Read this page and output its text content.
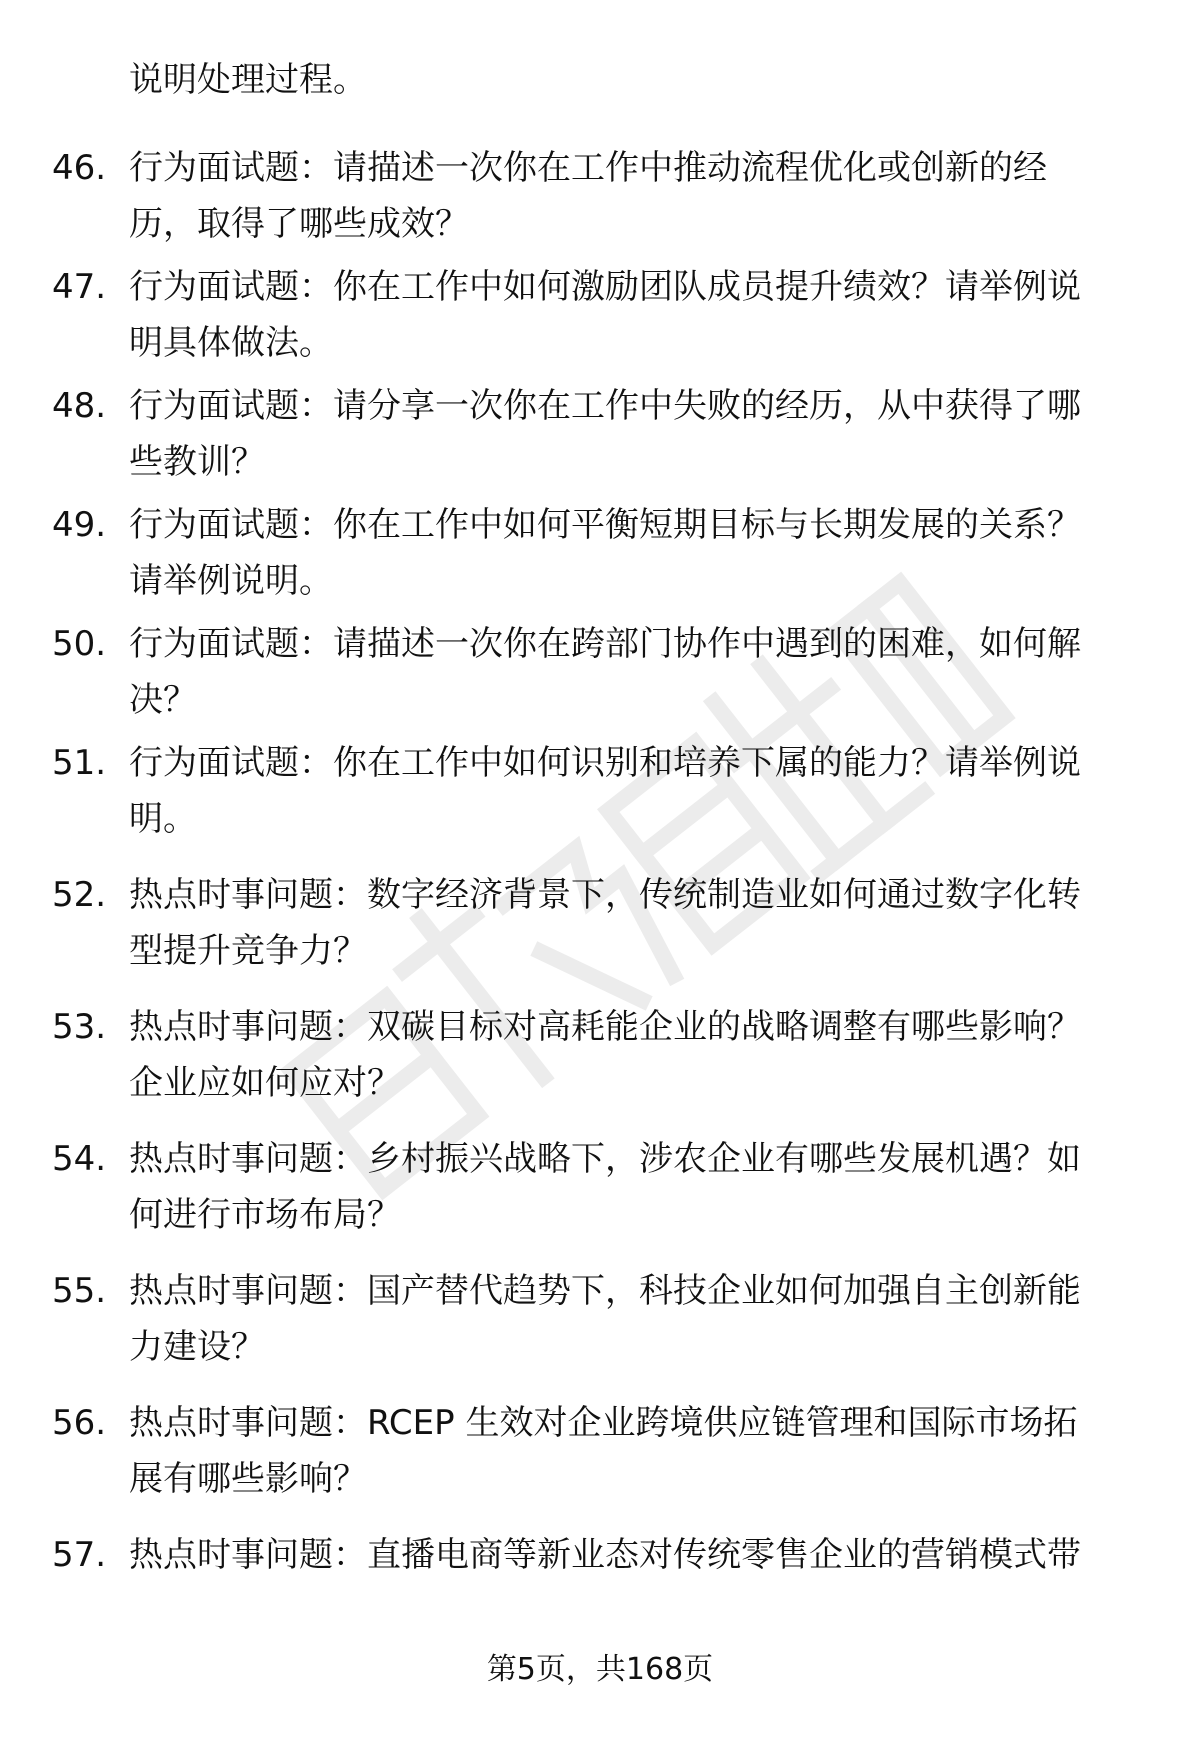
说明处理过程。
46. 行为面试题：请描述一次你在工作中推动流程优化或创新的经
历，取得了哪些成效？
47. 行为面试题：你在工作中如何激励团队成员提升绩效？请举例说
明具体做法。
48. 行为面试题：请分享一次你在工作中失败的经历，从中获得了哪
些教训？
49. 行为面试题：你在工作中如何平衡短期目标与长期发展的关系？
请举例说明。
50. 行为面试题：请描述一次你在跨部门协作中遇到的困难，如何解
决？
51. 行为面试题：你在工作中如何识别和培养下属的能力？请举例说
明。
52. 热点时事问题：数字经济背景下，传统制造业如何通过数字化转
型提升竞争力？
53. 热点时事问题：双碳目标对高耗能企业的战略调整有哪些影响？
企业应如何应对？
54. 热点时事问题：乡村振兴战略下，涉农企业有哪些发展机遇？如
何进行市场布局？
55. 热点时事问题：国产替代趋势下，科技企业如何加强自主创新能
力建设？
56. 热点时事问题：RCEP 生效对企业跨境供应链管理和国际市场拓
展有哪些影响？
57. 热点时事问题：直播电商等新业态对传统零售企业的营销模式带
第5页，共168页
